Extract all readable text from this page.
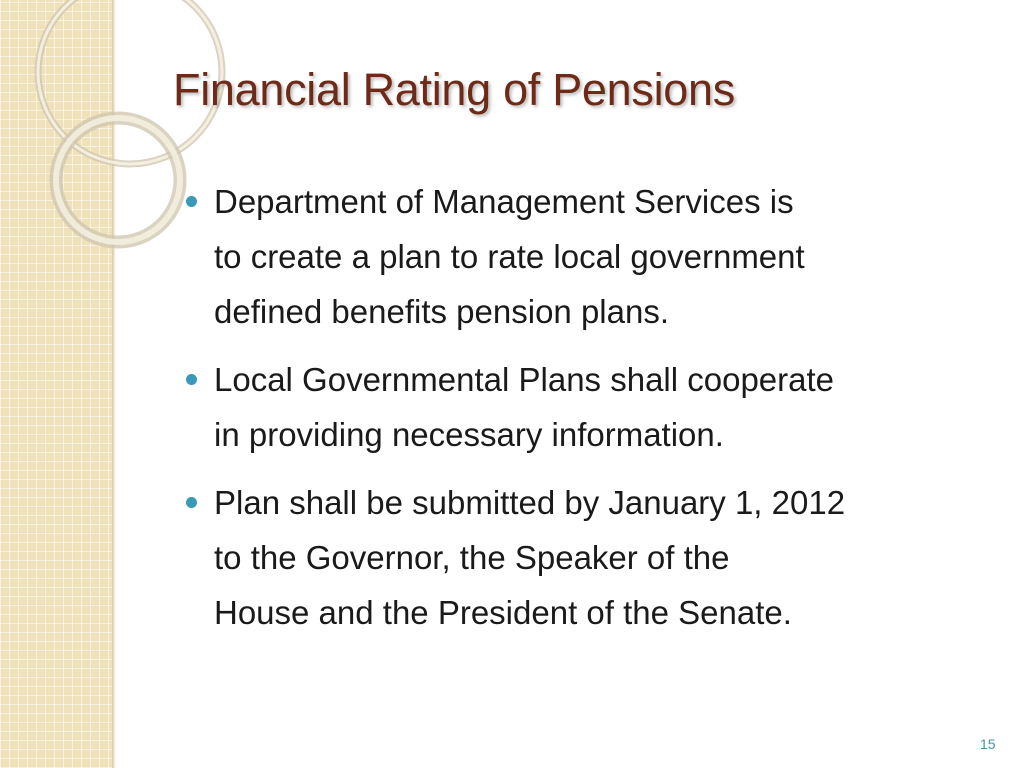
Financial Rating of Pensions
Department of Management Services is
to create a plan to rate local government
defined benefits pension plans.
Local Governmental Plans shall cooperate
in providing necessary information.
Plan shall be submitted by January 1, 2012
to the Governor, the Speaker of the
House and the President of the Senate.
15
